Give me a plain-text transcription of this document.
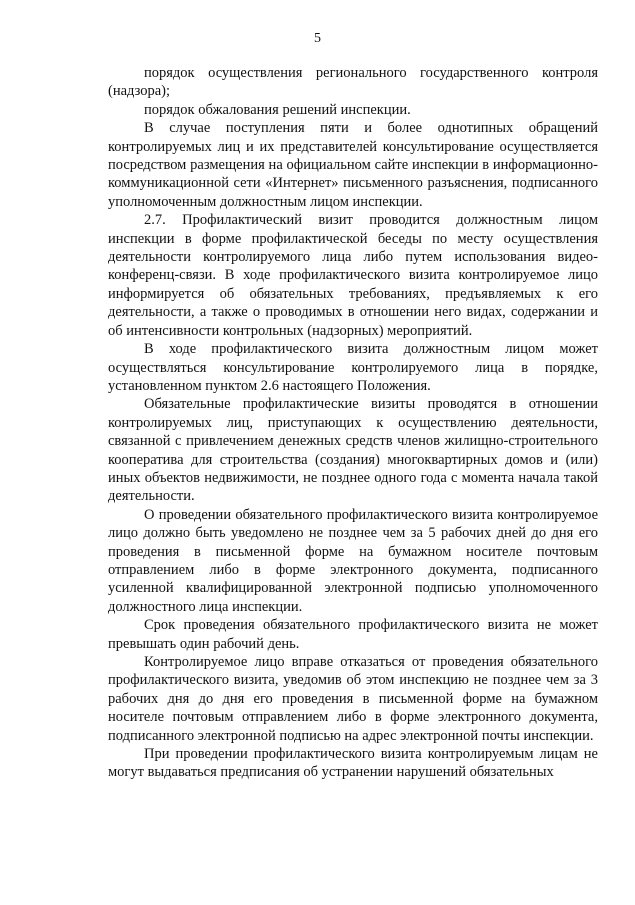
5

порядок осуществления регионального государственного контроля (надзора);

порядок обжалования решений инспекции.

В случае поступления пяти и более однотипных обращений контролируемых лиц и их представителей консультирование осуществляется посредством размещения на официальном сайте инспекции в информационно-коммуникационной сети «Интернет» письменного разъяснения, подписанного уполномоченным должностным лицом инспекции.

2.7. Профилактический визит проводится должностным лицом инспекции в форме профилактической беседы по месту осуществления деятельности контролируемого лица либо путем использования видео-конференц-связи. В ходе профилактического визита контролируемое лицо информируется об обязательных требованиях, предъявляемых к его деятельности, а также о проводимых в отношении него видах, содержании и об интенсивности контрольных (надзорных) мероприятий.

В ходе профилактического визита должностным лицом может осуществляться консультирование контролируемого лица в порядке, установленном пунктом 2.6 настоящего Положения.

Обязательные профилактические визиты проводятся в отношении контролируемых лиц, приступающих к осуществлению деятельности, связанной с привлечением денежных средств членов жилищно-строительного кооператива для строительства (создания) многоквартирных домов и (или) иных объектов недвижимости, не позднее одного года с момента начала такой деятельности.

О проведении обязательного профилактического визита контролируемое лицо должно быть уведомлено не позднее чем за 5 рабочих дней до дня его проведения в письменной форме на бумажном носителе почтовым отправлением либо в форме электронного документа, подписанного усиленной квалифицированной электронной подписью уполномоченного должностного лица инспекции.

Срок проведения обязательного профилактического визита не может превышать один рабочий день.

Контролируемое лицо вправе отказаться от проведения обязательного профилактического визита, уведомив об этом инспекцию не позднее чем за 3 рабочих дня до дня его проведения в письменной форме на бумажном носителе почтовым отправлением либо в форме электронного документа, подписанного электронной подписью на адрес электронной почты инспекции.

При проведении профилактического визита контролируемым лицам не могут выдаваться предписания об устранении нарушений обязательных
